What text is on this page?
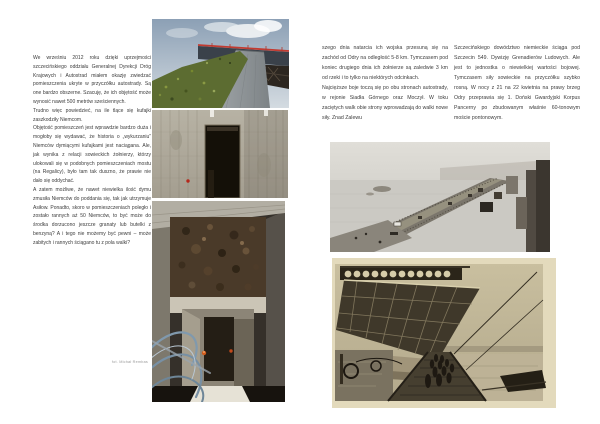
We wrześniu 2012 roku dzięki uprzejmości szczecińskiego oddziału Generalnej Dyrekcji Dróg Krajowych i Autostrad miałem okazję zwiedzać pomieszczenia ukryte w przyczółku autostrady. Są one bardzo obszerne. Szacuję, że ich objętość może wynosić nawet 500 metrów sześciennych.

Trudno więc powiedzieć, na ile tlące się kufajki zaszkodziły Niemcom.

Objętość pomieszczeń jest wprawdzie bardzo duża i mogłoby się wydawać, że historia o „wykurzaniu” Niemców dymiącymi kufajkami jest naciągana. Ale, jak wynika z relacji sowieckich żołnierzy, którzy ulokowali się w podobnych pomieszczeniach mostu (na Regalicy), było tam tak duszno, że prawie nie dało się oddychać.

A zatem możliwe, że nawet niewielka ilość dymu zmusiła Niemców do poddania się, tak jak utrzymuje Asiłow. Ponadto, skoro w pomieszczeniach poległo i zostało rannych aż 50 Niemców, to być może do środka dorzucono jeszcze granaty lub butelki z benzyną? A i tego nie możemy być pewni – może zabitych i rannych ściągano tu z pola walki?

fot. Michał Rembas

szego dnia natarcia ich wojska przesuną się na zachód od Odry na odległość 5-8 km. Tymczasem pod koniec drugiego dnia ich żołnierze są zaledwie 3 km od rzeki i to tylko na niektórych odcinkach.

Najcięższe boje toczą się po obu stronach autostrady, w rejonie Siadła Górnego oraz Moczył. W toku zaciętych walk obie strony wprowadzają do walki nowe siły. Znad Zalewu

Szczecińskiego dowództwo niemieckie ściąga pod Szczecin 549. Dywizję Grenadierów Ludowych. Ale jest to jednostka o niewielkiej wartości bojowej. Tymczasem siły sowieckie na przyczółku szybko rosną. W nocy z 21 na 22 kwietnia na prawy brzeg Odry przeprawia się 1. Doński Gwardyjski Korpus Pancerny po zbudowanym właśnie 60-tonowym moście pontonowym.
